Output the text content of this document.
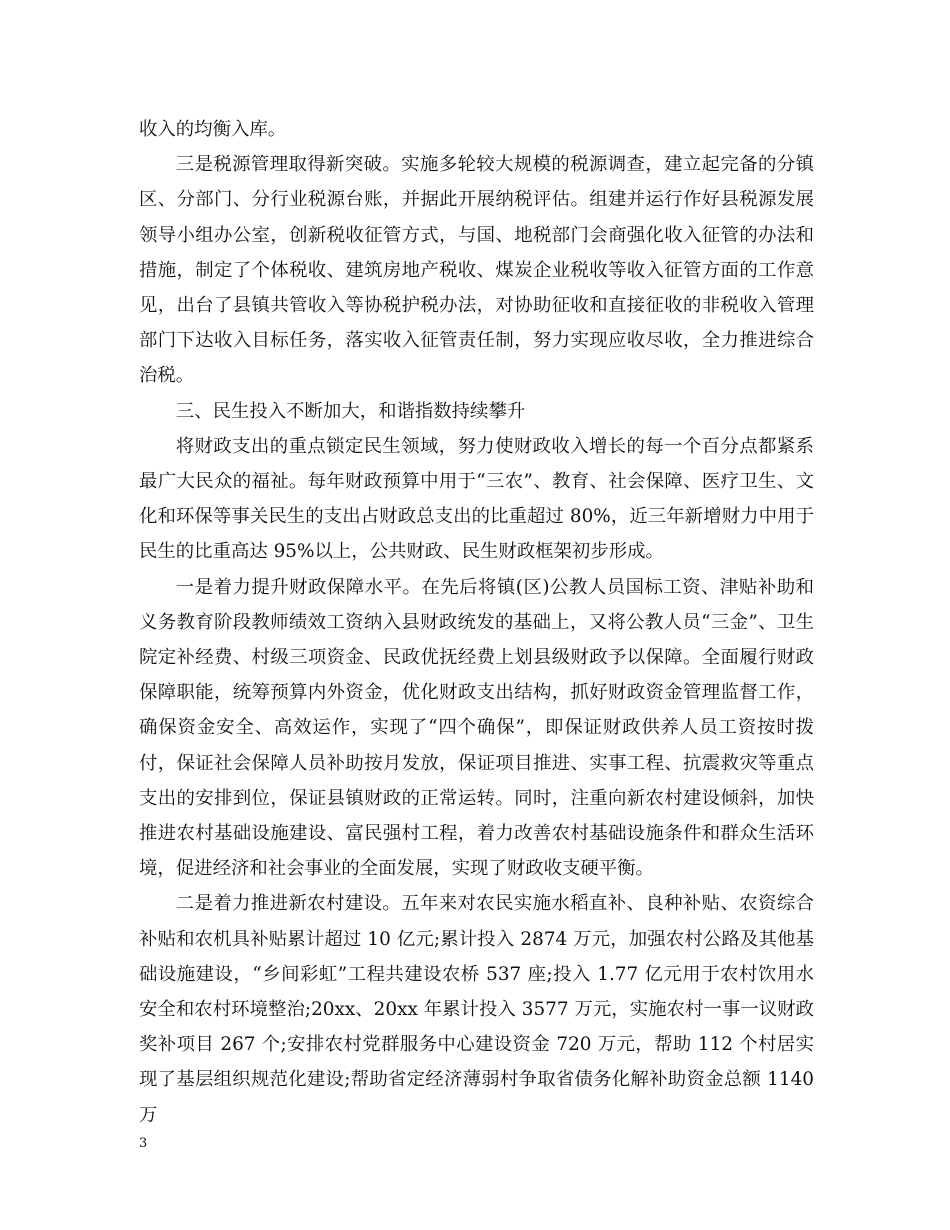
收入的均衡入库。

三是税源管理取得新突破。实施多轮较大规模的税源调查，建立起完备的分镇区、分部门、分行业税源台账，并据此开展纳税评估。组建并运行作好县税源发展领导小组办公室，创新税收征管方式，与国、地税部门会商强化收入征管的办法和措施，制定了个体税收、建筑房地产税收、煤炭企业税收等收入征管方面的工作意见，出台了县镇共管收入等协税护税办法，对协助征收和直接征收的非税收入管理部门下达收入目标任务，落实收入征管责任制，努力实现应收尽收，全力推进综合治税。

三、民生投入不断加大，和谐指数持续攀升

将财政支出的重点锁定民生领域，努力使财政收入增长的每一个百分点都紧系最广大民众的福祉。每年财政预算中用于“三农”、教育、社会保障、医疗卫生、文化和环保等事关民生的支出占财政总支出的比重超过 80%，近三年新增财力中用于民生的比重高达 95%以上，公共财政、民生财政框架初步形成。

一是着力提升财政保障水平。在先后将镇(区)公教人员国标工资、津贴补助和义务教育阶段教师绩效工资纳入县财政统发的基础上，又将公教人员“三金”、卫生院定补经费、村级三项资金、民政优抚经费上划县级财政予以保障。全面履行财政保障职能，统筹预算内外资金，优化财政支出结构，抓好财政资金管理监督工作，确保资金安全、高效运作，实现了“四个确保”，即保证财政供养人员工资按时拨付，保证社会保障人员补助按月发放，保证项目推进、实事工程、抗震救灾等重点支出的安排到位，保证县镇财政的正常运转。同时，注重向新农村建设倾斜，加快推进农村基础设施建设、富民强村工程，着力改善农村基础设施条件和群众生活环境，促进经济和社会事业的全面发展，实现了财政收支硬平衡。

二是着力推进新农村建设。五年来对农民实施水稻直补、良种补贴、农资综合补贴和农机具补贴累计超过 10 亿元;累计投入 2874 万元，加强农村公路及其他基础设施建设，“乡间彩虹”工程共建设农桥 537 座;投入 1.77 亿元用于农村饮用水安全和农村环境整治;20xx、20xx 年累计投入 3577 万元，实施农村一事一议财政奖补项目 267 个;安排农村党群服务中心建设资金 720 万元，帮助 112 个村居实现了基层组织规范化建设;帮助省定经济薄弱村争取省债务化解补助资金总额 1140 万

3
